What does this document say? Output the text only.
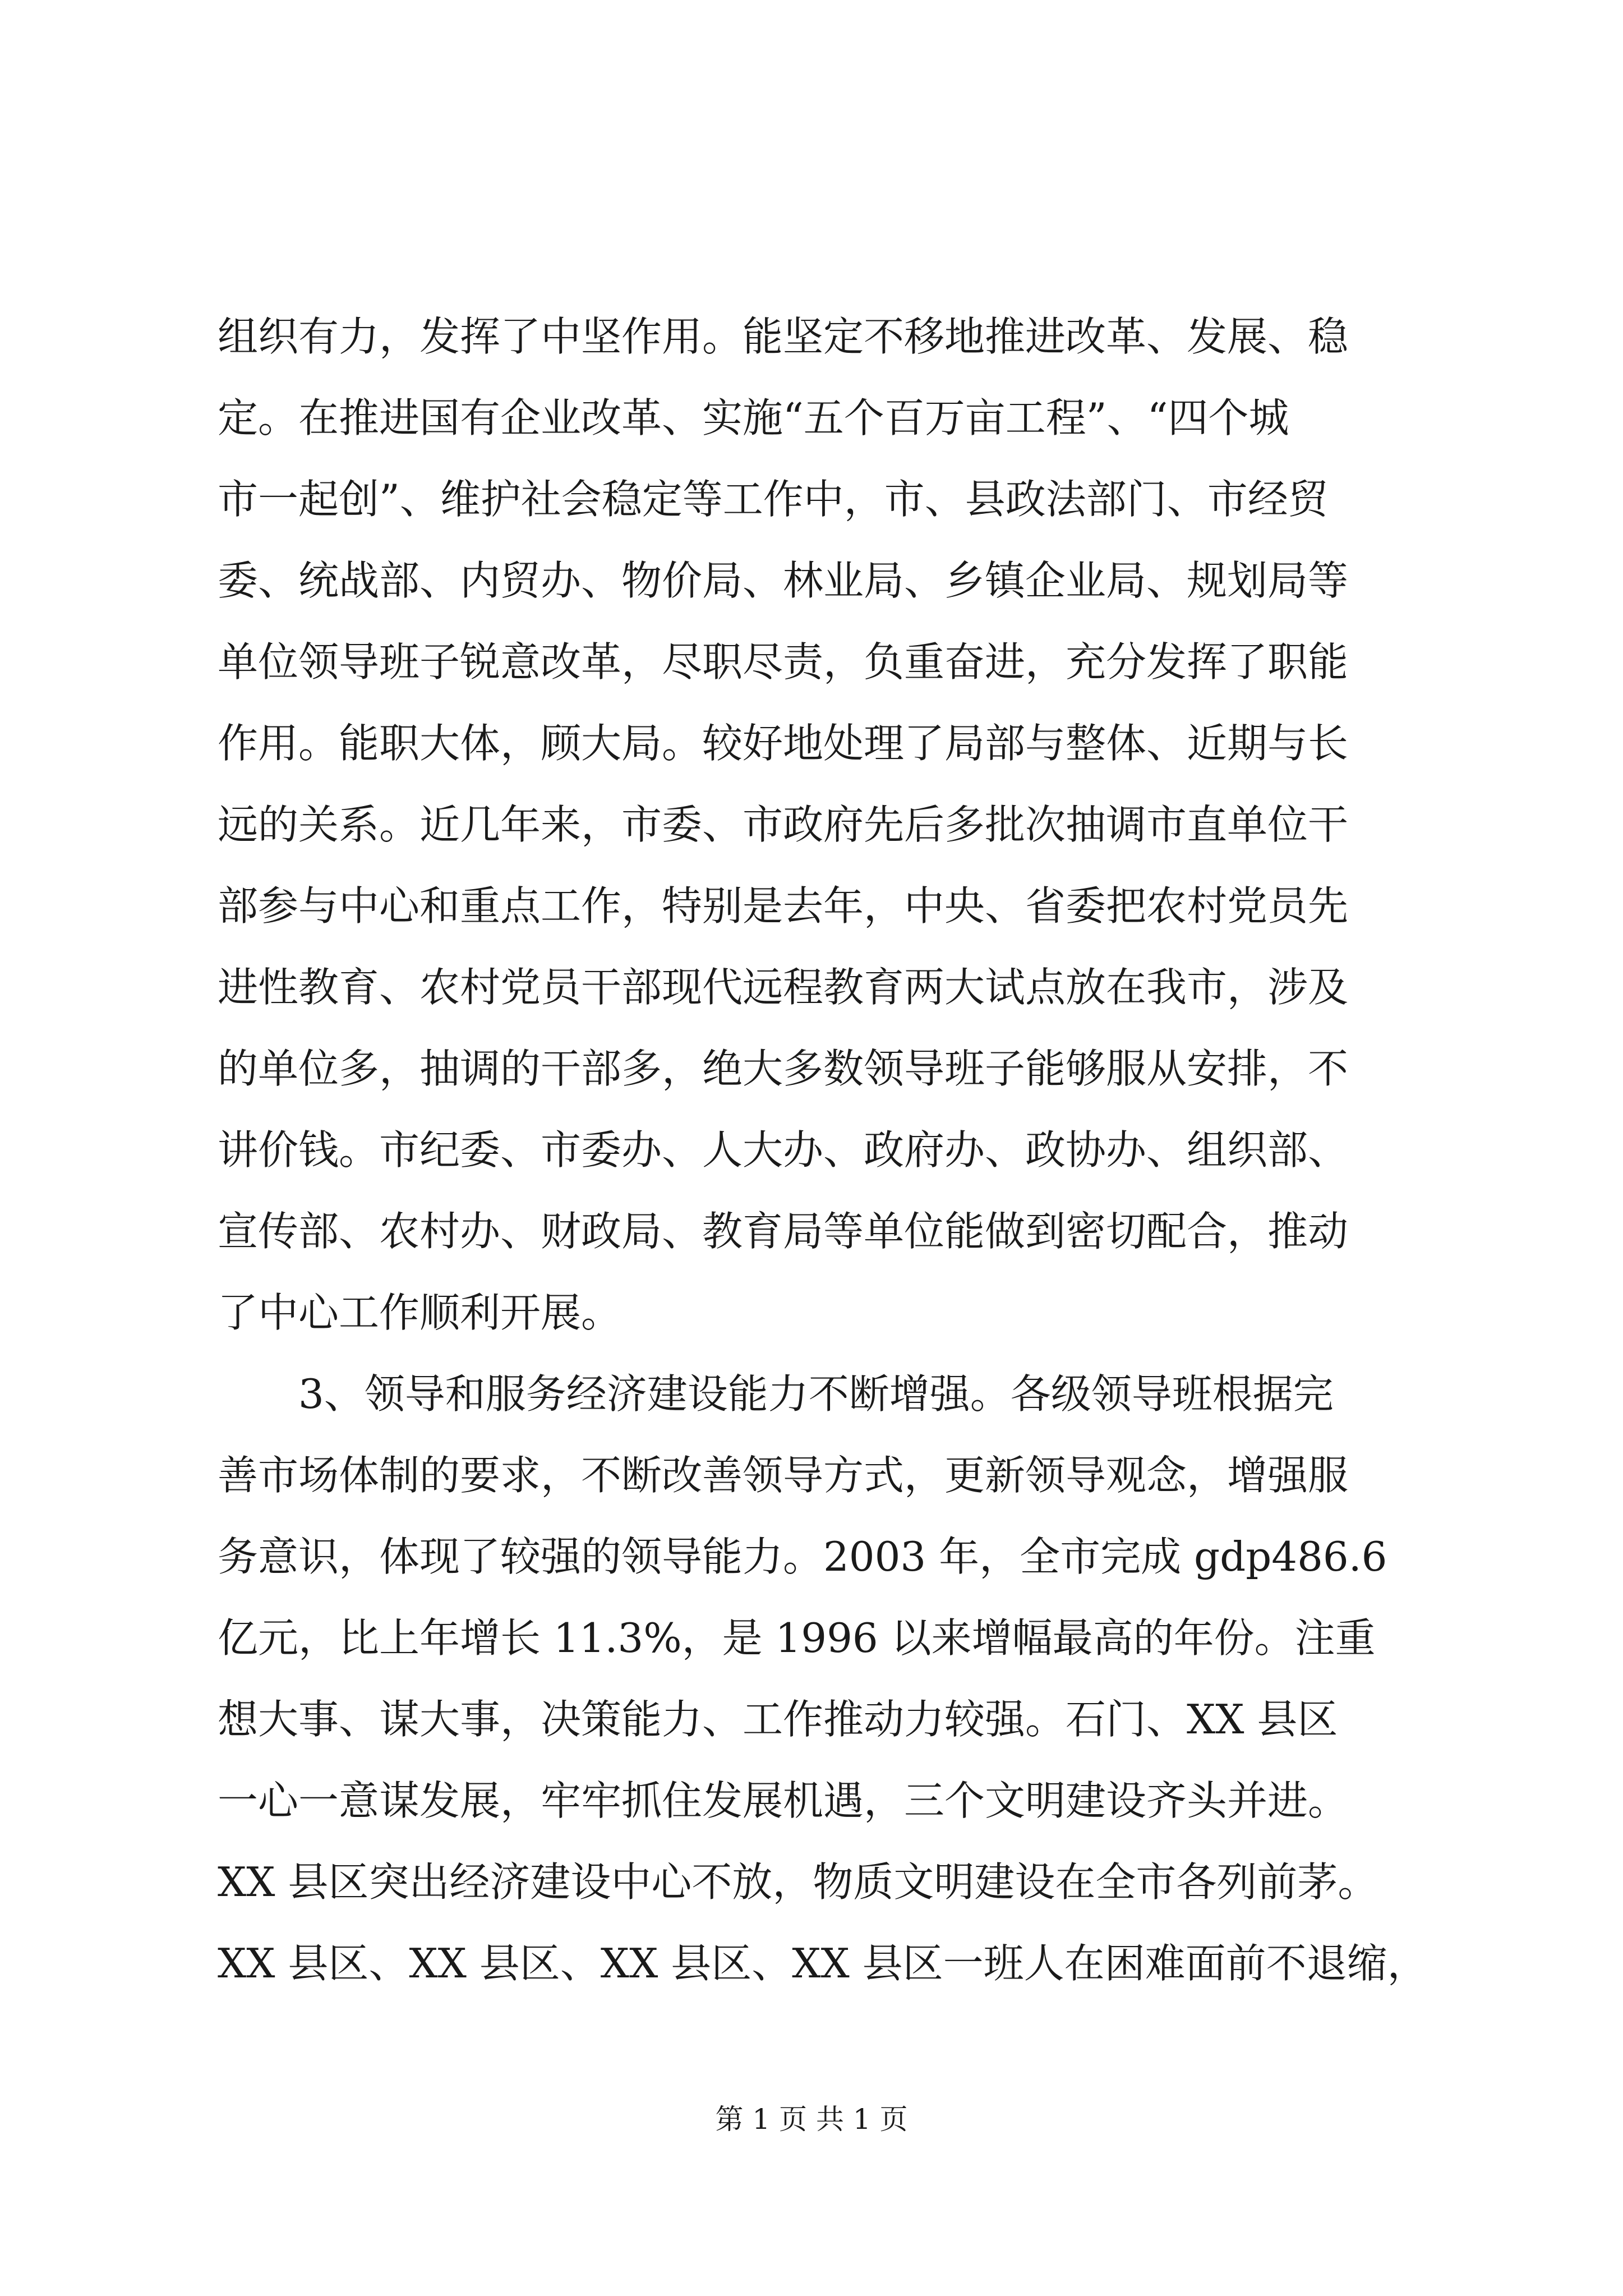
组织有力，发挥了中坚作用。能坚定不移地推进改革、发展、稳
定。在推进国有企业改革、实施“五个百万亩工程”、“四个城
市一起创”、维护社会稳定等工作中，市、县政法部门、市经贸
委、统战部、内贸办、物价局、林业局、乡镇企业局、规划局等
单位领导班子锐意改革，尽职尽责，负重奋进，充分发挥了职能
作用。能职大体，顾大局。较好地处理了局部与整体、近期与长
远的关系。近几年来，市委、市政府先后多批次抽调市直单位干
部参与中心和重点工作，特别是去年，中央、省委把农村党员先
进性教育、农村党员干部现代远程教育两大试点放在我市，涉及
的单位多，抽调的干部多，绝大多数领导班子能够服从安排，不
讲价钱。市纪委、市委办、人大办、政府办、政协办、组织部、
宣传部、农村办、财政局、教育局等单位能做到密切配合，推动
了中心工作顺利开展。
　　3、领导和服务经济建设能力不断增强。各级领导班根据完
善市场体制的要求，不断改善领导方式，更新领导观念，增强服
务意识，体现了较强的领导能力。2003 年，全市完成 gdp486.6
亿元，比上年增长 11.3%，是 1996 以来增幅最高的年份。注重
想大事、谋大事，决策能力、工作推动力较强。石门、XX 县区
一心一意谋发展，牢牢抓住发展机遇，三个文明建设齐头并进。
XX 县区突出经济建设中心不放，物质文明建设在全市各列前茅。
XX 县区、XX 县区、XX 县区、XX 县区一班人在困难面前不退缩，
第 1 页 共 1 页
